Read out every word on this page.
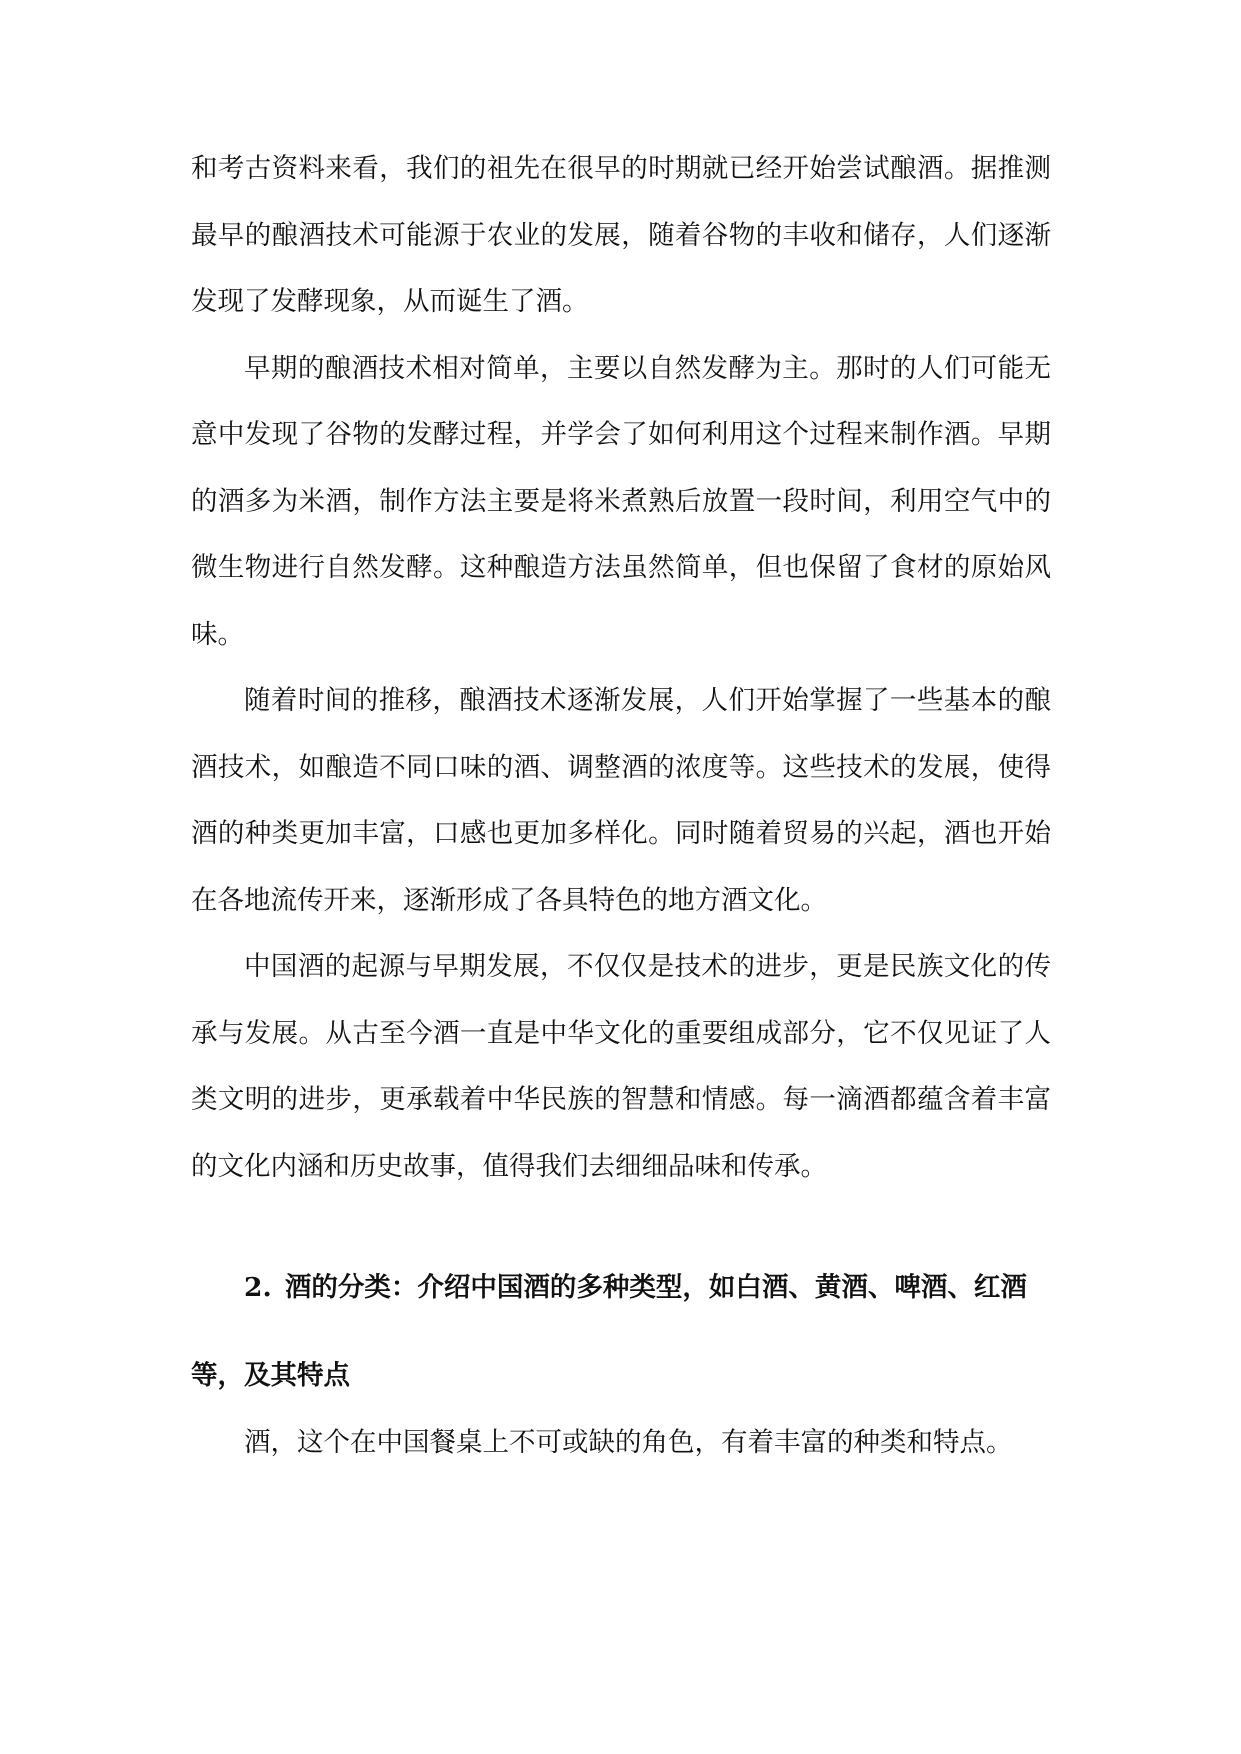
和考古资料来看，我们的祖先在很早的时期就已经开始尝试酿酒。据推测最早的酿酒技术可能源于农业的发展，随着谷物的丰收和储存，人们逐渐发现了发酵现象，从而诞生了酒。

早期的酿酒技术相对简单，主要以自然发酵为主。那时的人们可能无意中发现了谷物的发酵过程，并学会了如何利用这个过程来制作酒。早期的酒多为米酒，制作方法主要是将米煮熟后放置一段时间，利用空气中的微生物进行自然发酵。这种酿造方法虽然简单，但也保留了食材的原始风味。

随着时间的推移，酿酒技术逐渐发展，人们开始掌握了一些基本的酿酒技术，如酿造不同口味的酒、调整酒的浓度等。这些技术的发展，使得酒的种类更加丰富，口感也更加多样化。同时随着贸易的兴起，酒也开始在各地流传开来，逐渐形成了各具特色的地方酒文化。

中国酒的起源与早期发展，不仅仅是技术的进步，更是民族文化的传承与发展。从古至今酒一直是中华文化的重要组成部分，它不仅见证了人类文明的进步，更承载着中华民族的智慧和情感。每一滴酒都蕴含着丰富的文化内涵和历史故事，值得我们去细细品味和传承。

2. 酒的分类：介绍中国酒的多种类型，如白酒、黄酒、啤酒、红酒等，及其特点

酒，这个在中国餐桌上不可或缺的角色，有着丰富的种类和特点。
